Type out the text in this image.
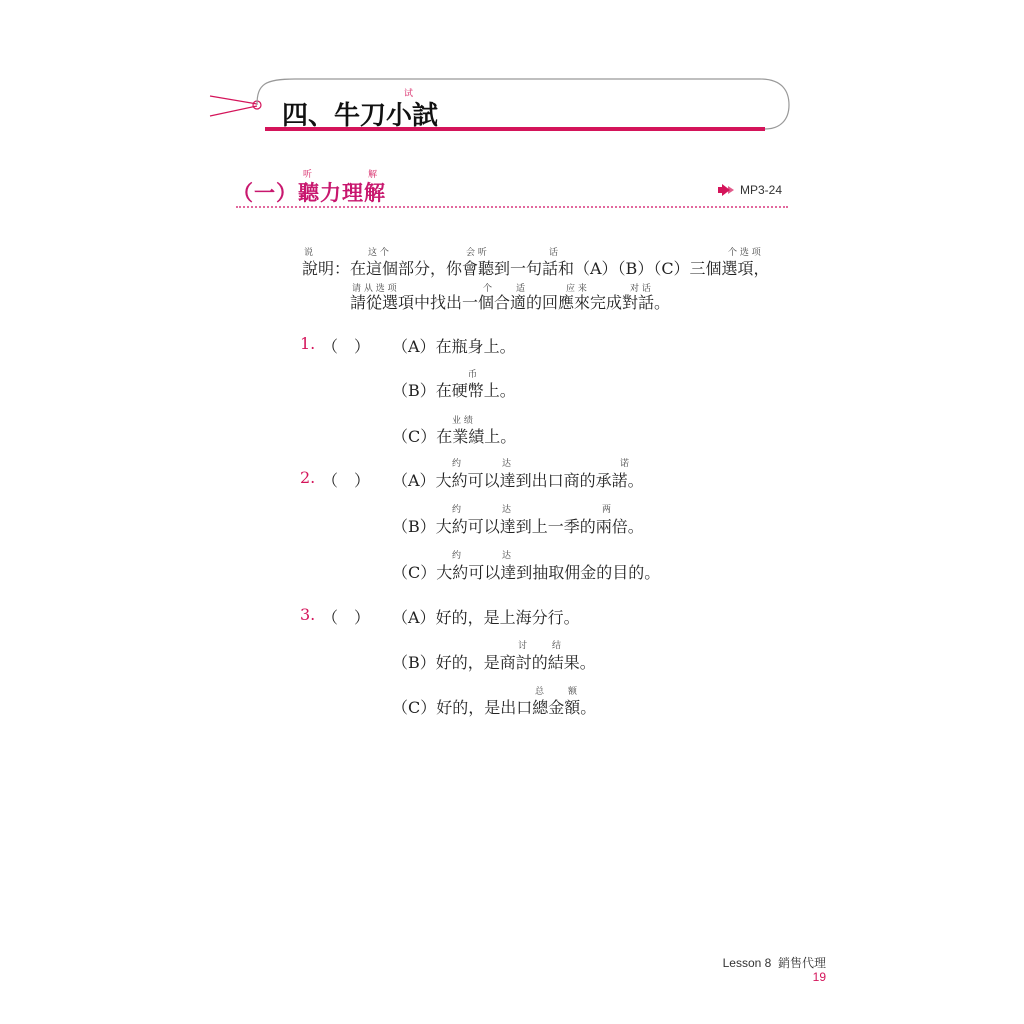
试
四、牛刀小試
听	解
（一）聽力理解	MP3-24
说	这 个	会 听	话	个 选 项
說明：在這個部分，你會聽到一句話和（A）（B）（C）三個選項，
请 从 选 项	个	适	应 来	对 话
請從選項中找出一個合適的回應來完成對話。
1. （　） （A）在瓶身上。
币
（B）在硬幣上。
业 绩
（C）在業績上。
约	达	诺
2. （　） （A）大約可以達到出口商的承諾。
约	达	两
（B）大約可以達到上一季的兩倍。
约	达
（C）大約可以達到抽取佣金的目的。
3. （　） （A）好的，是上海分行。
讨	结
（B）好的，是商討的結果。
总	额
（C）好的，是出口總金額。
Lesson 8  銷售代理
19
